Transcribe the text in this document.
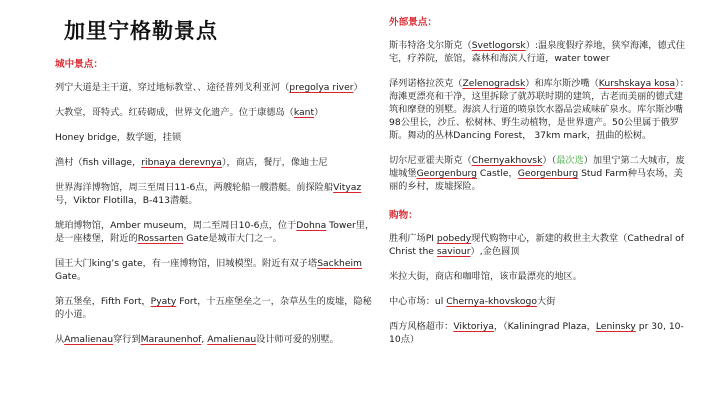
加里宁格勒景点
城中景点：
列宁大道是主干道，穿过地标教堂、、途径普列戈利亚河（pregolya river）
大教堂，哥特式。红砖砌成，世界文化遗产。位于康德岛（kant）
Honey bridge，数学题，挂锁
渔村（fish village，ribnaya derevnya），商店，餐厅，像迪士尼
世界海洋博物馆，周三至周日11-6点，两艘轮船一艘潜艇。前探险船Vityaz号，Viktor Flotilla，B-413潜艇。
琥珀博物馆，Amber museum，周二至周日10-6点，位于Dohna Tower里，是一座楼堡，附近的Rossarten Gate是城市大门之一。
国王大门king’s gate，有一座博物馆，旧城模型。附近有双子塔Sackheim Gate。
第五堡垒，Fifth Fort，Pyaty Fort，十五座堡垒之一，杂草丛生的废墟，隐秘的小道。
从Amalienau穿行到Maraunenhof, Amalienau设计师可爱的别墅。
外部景点：
斯韦特洛戈尔斯克（Svetlogorsk）:温泉度假疗养地，狭窄海滩，德式住宅，疗养院，旅馆，森林和海滨人行道，water tower
泽列诺格拉茨克（Zelenogradsk）和库尔斯沙嘴（Kurshskaya kosa）：海滩更漂亮和干净，这里拆除了就苏联时期的建筑，古老而美丽的德式建筑和摩登的别墅。海滨人行道的喷泉饮水器品尝咸味矿泉水。库尔斯沙嘴98公里长，沙丘、松树林、野生动植物，是世界遗产。50公里属于俄罗斯。舞动的丛林Dancing Forest， 37km mark，扭曲的松树。
切尔尼亚霍夫斯克（Chernyakhovsk）（最次选）加里宁第二大城市，废墟城堡Georgenburg Castle，Georgenburg Stud Farm种马农场，美丽的乡村，废墟探险。
购物：
胜利广场PI pobedy现代购物中心，新建的救世主大教堂（Cathedral of Christ the saviour）,金色圆顶
米拉大街，商店和咖啡馆，该市最漂亮的地区。
中心市场：ul Chernya-khovskogo大街
西方风格超市：Viktoriya，（Kaliningrad Plaza，Leninsky pr 30, 10-10点）
